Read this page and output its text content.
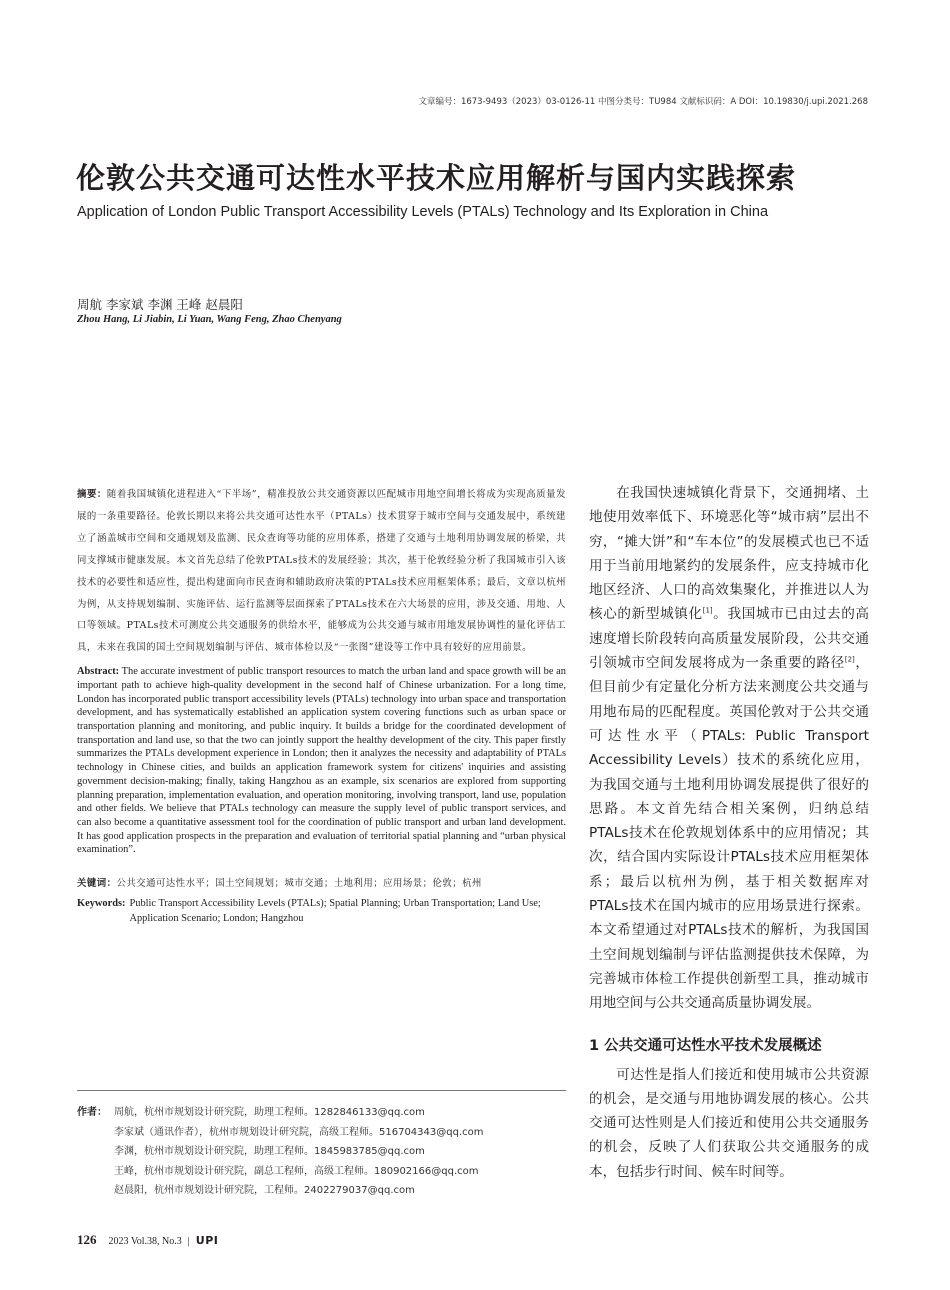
文章编号：1673-9493（2023）03-0126-11 中图分类号：TU984 文献标识码：A DOI：10.19830/j.upi.2021.268
伦敦公共交通可达性水平技术应用解析与国内实践探索
Application of London Public Transport Accessibility Levels (PTALs) Technology and Its Exploration in China
周航 李家斌 李渊 王峰 赵晨阳
Zhou Hang, Li Jiabin, Li Yuan, Wang Feng, Zhao Chenyang

摘要：随着我国城镇化进程进入“下半场”，精准投放公共交通资源以匹配城市用地空间增长将成为实现高质量发展的一条重要路径。伦敦长期以来将公共交通可达性水平（PTALs）技术贯穿于城市空间与交通发展中，系统建立了涵盖城市空间和交通规划及监测、民众查询等功能的应用体系，搭建了交通与土地利用协调发展的桥梁，共同支撑城市健康发展。本文首先总结了伦敦PTALs技术的发展经验；其次，基于伦敦经验分析了我国城市引入该技术的必要性和适应性，提出构建面向市民查询和辅助政府决策的PTALs技术应用框架体系；最后，文章以杭州为例，从支持规划编制、实施评估、运行监测等层面探索了PTALs技术在六大场景的应用，涉及交通、用地、人口等领域。PTALs技术可测度公共交通服务的供给水平，能够成为公共交通与城市用地发展协调性的量化评估工具，未来在我国的国土空间规划编制与评估、城市体检以及“一张图”建设等工作中具有较好的应用前景。

Abstract: The accurate investment of public transport resources to match the urban land and space growth will be an important path to achieve high-quality development in the second half of Chinese urbanization. For a long time, London has incorporated public transport accessibility levels (PTALs) technology into urban space and transportation development, and has systematically established an application system covering functions such as urban space or transportation planning and monitoring, and public inquiry. It builds a bridge for the coordinated development of transportation and land use, so that the two can jointly support the healthy development of the city. This paper firstly summarizes the PTALs development experience in London; then it analyzes the necessity and adaptability of PTALs technology in Chinese cities, and builds an application framework system for citizens' inquiries and assisting government decision-making; finally, taking Hangzhou as an example, six scenarios are explored from supporting planning preparation, implementation evaluation, and operation monitoring, involving transport, land use, population and other fields. We believe that PTALs technology can measure the supply level of public transport services, and can also become a quantitative assessment tool for the coordination of public transport and urban land development. It has good application prospects in the preparation and evaluation of territorial spatial planning and “urban physical examination”.

关键词： 公共交通可达性水平；国土空间规划；城市交通；土地利用；应用场景；伦敦；杭州
Keywords: Public Transport Accessibility Levels (PTALs); Spatial Planning; Urban Transportation; Land Use; Application Scenario; London; Hangzhou
作者： 周航，杭州市规划设计研究院，助理工程师。1282846133@qq.com
李家斌（通讯作者），杭州市规划设计研究院，高级工程师。516704343@qq.com
李渊，杭州市规划设计研究院，助理工程师。1845983785@qq.com
王峰，杭州市规划设计研究院，副总工程师，高级工程师。180902166@qq.com
赵晨阳，杭州市规划设计研究院，工程师。2402279037@qq.com

在我国快速城镇化背景下，交通拥堵、土地使用效率低下、环境恶化等“城市病”层出不穷，“摊大饼”和“车本位”的发展模式也已不适用于当前用地紧约的发展条件，应支持城市化地区经济、人口的高效集聚化，并推进以人为核心的新型城镇化[1]。我国城市已由过去的高速度增长阶段转向高质量发展阶段，公共交通引领城市空间发展将成为一条重要的路径[2]，但目前少有定量化分析方法来测度公共交通与用地布局的匹配程度。英国伦敦对于公共交通可达性水平（PTALs: Public Transport Accessibility Levels）技术的系统化应用，为我国交通与土地利用协调发展提供了很好的思路。本文首先结合相关案例，归纳总结PTALs技术在伦敦规划体系中的应用情况；其次，结合国内实际设计PTALs技术应用框架体系；最后以杭州为例，基于相关数据库对PTALs技术在国内城市的应用场景进行探索。本文希望通过对PTALs技术的解析，为我国国土空间规划编制与评估监测提供技术保障，为完善城市体检工作提供创新型工具，推动城市用地空间与公共交通高质量协调发展。

1 公共交通可达性水平技术发展概述

可达性是指人们接近和使用城市公共资源的机会，是交通与用地协调发展的核心。公共交通可达性则是人们接近和使用公共交通服务的机会，反映了人们获取公共交通服务的成本，包括步行时间、候车时间等。

126 2023 Vol.38, No.3 | UPI
